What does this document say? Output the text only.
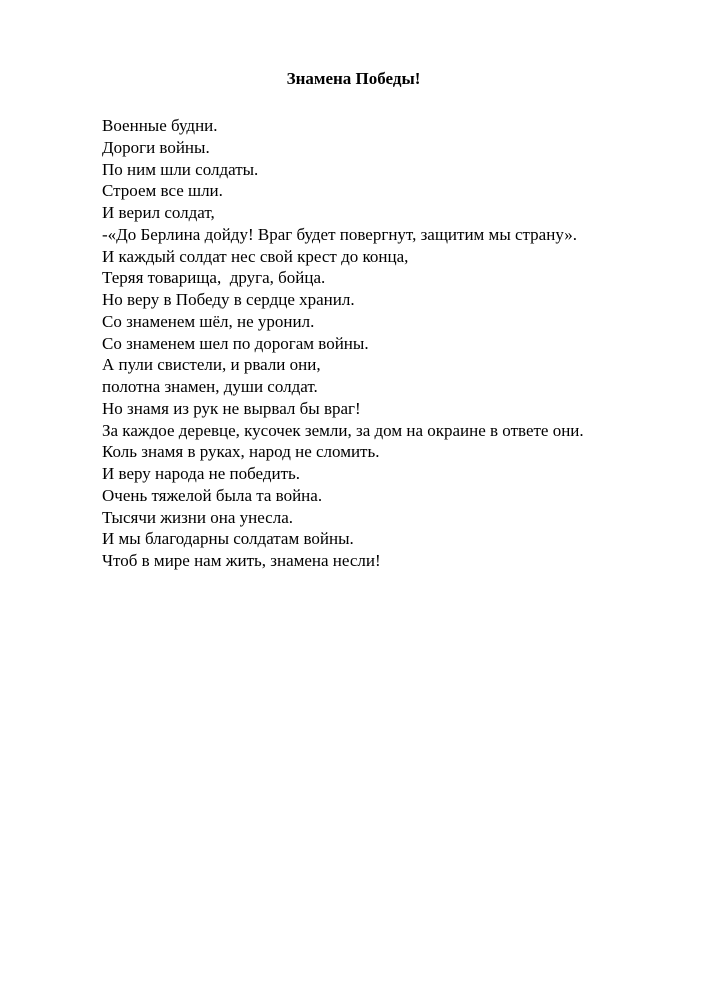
Знамена Победы!
Военные будни.
Дороги войны.
По ним шли солдаты.
Строем все шли.
И верил солдат,
-«До Берлина дойду! Враг будет повергнут, защитим мы страну».
И каждый солдат нес свой крест до конца,
Теряя товарища,  друга, бойца.
Но веру в Победу в сердце хранил.
Со знаменем шёл, не уронил.
Со знаменем шел по дорогам войны.
А пули свистели, и рвали они,
полотна знамен, души солдат.
Но знамя из рук не вырвал бы враг!
За каждое деревце, кусочек земли, за дом на окраине в ответе они.
Коль знамя в руках, народ не сломить.
И веру народа не победить.
Очень тяжелой была та война.
Тысячи жизни она унесла.
И мы благодарны солдатам войны.
Чтоб в мире нам жить, знамена несли!
